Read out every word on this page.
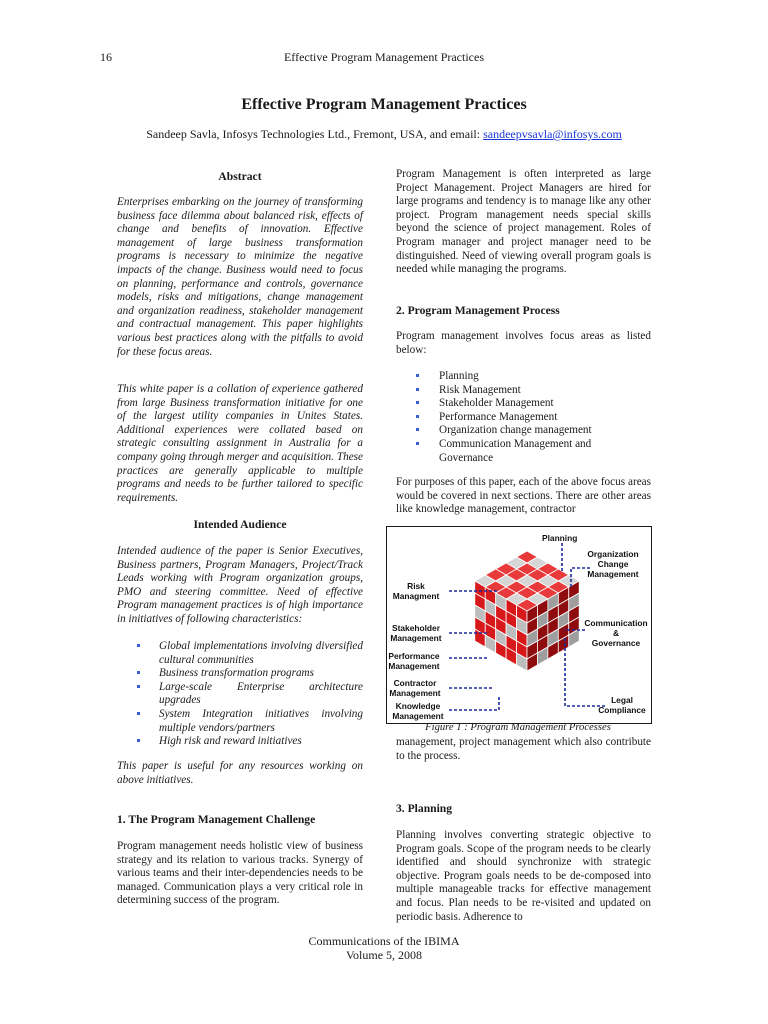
16	Effective Program Management Practices
Effective Program Management Practices
Sandeep Savla, Infosys Technologies Ltd., Fremont, USA, and email: sandeepvsavla@infosys.com
Abstract
Enterprises embarking on the journey of transforming business face dilemma about balanced risk, effects of change and benefits of innovation. Effective management of large business transformation programs is necessary to minimize the negative impacts of the change. Business would need to focus on planning, performance and controls, governance models, risks and mitigations, change management and organization readiness, stakeholder management and contractual management. This paper highlights various best practices along with the pitfalls to avoid for these focus areas.
This white paper is a collation of experience gathered from large Business transformation initiative for one of the largest utility companies in Unites States. Additional experiences were collated based on strategic consulting assignment in Australia for a company going through merger and acquisition. These practices are generally applicable to multiple programs and needs to be further tailored to specific requirements.
Intended Audience
Intended audience of the paper is Senior Executives, Business partners, Program Managers, Project/Track Leads working with Program organization groups, PMO and steering committee. Need of effective Program management practices is of high importance in initiatives of following characteristics:
Global implementations involving diversified cultural communities
Business transformation programs
Large-scale Enterprise architecture upgrades
System Integration initiatives involving multiple vendors/partners
High risk and reward initiatives
This paper is useful for any resources working on above initiatives.
1. The Program Management Challenge
Program management needs holistic view of business strategy and its relation to various tracks. Synergy of various teams and their inter-dependencies needs to be managed. Communication plays a very critical role in determining success of the program.
Program Management is often interpreted as large Project Management. Project Managers are hired for large programs and tendency is to manage like any other project. Program management needs special skills beyond the science of project management. Roles of Program manager and project manager need to be distinguished. Need of viewing overall program goals is needed while managing the programs.
2. Program Management Process
Program management involves focus areas as listed below:
Planning
Risk Management
Stakeholder Management
Performance Management
Organization change management
Communication Management and Governance
For purposes of this paper, each of the above focus areas would be covered in next sections. There are other areas like knowledge management, contractor
Planning
Organization
Change
Management
Risk
Managment
Stakeholder
Management
Performance
Management
Communication
&
Governance
Contractor
Management
Legal
Compliance
Knowledge
Management
Figure 1 : Program Management Processes
management, project management which also contribute to the process.
3. Planning
Planning involves converting strategic objective to Program goals. Scope of the program needs to be clearly identified and should synchronize with strategic objective. Program goals needs to be de-composed into multiple manageable tracks for effective management and focus. Plan needs to be re-visited and updated on periodic basis. Adherence to
Communications of the IBIMA
Volume 5, 2008
